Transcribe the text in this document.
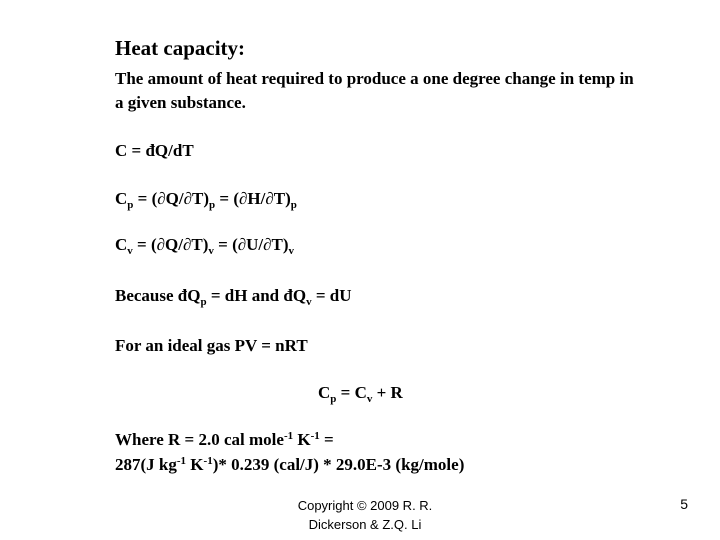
Heat capacity:
The amount of heat required to produce a one degree change in temp in a given substance.
C = đQ/dT
$C_p = (\partial Q/\partial T)_p = (\partial H/\partial T)_p$
$C_v = (\partial Q/\partial T)_v = (\partial U/\partial T)_v$
Because $đQ_p$ = dH and $đQ_v$ = dU
For an ideal gas PV = nRT
$C_p = C_v + R$
Where R = 2.0 cal mole$^{-1}$ $K^{-1}$ =
287(J $kg^{-1}$ $K^{-1})*$ 0.239 (cal/J) * 29.0E-3 (kg/mole)
Copyright © 2009 R. R.
Dickerson & Z.Q. Li
5
